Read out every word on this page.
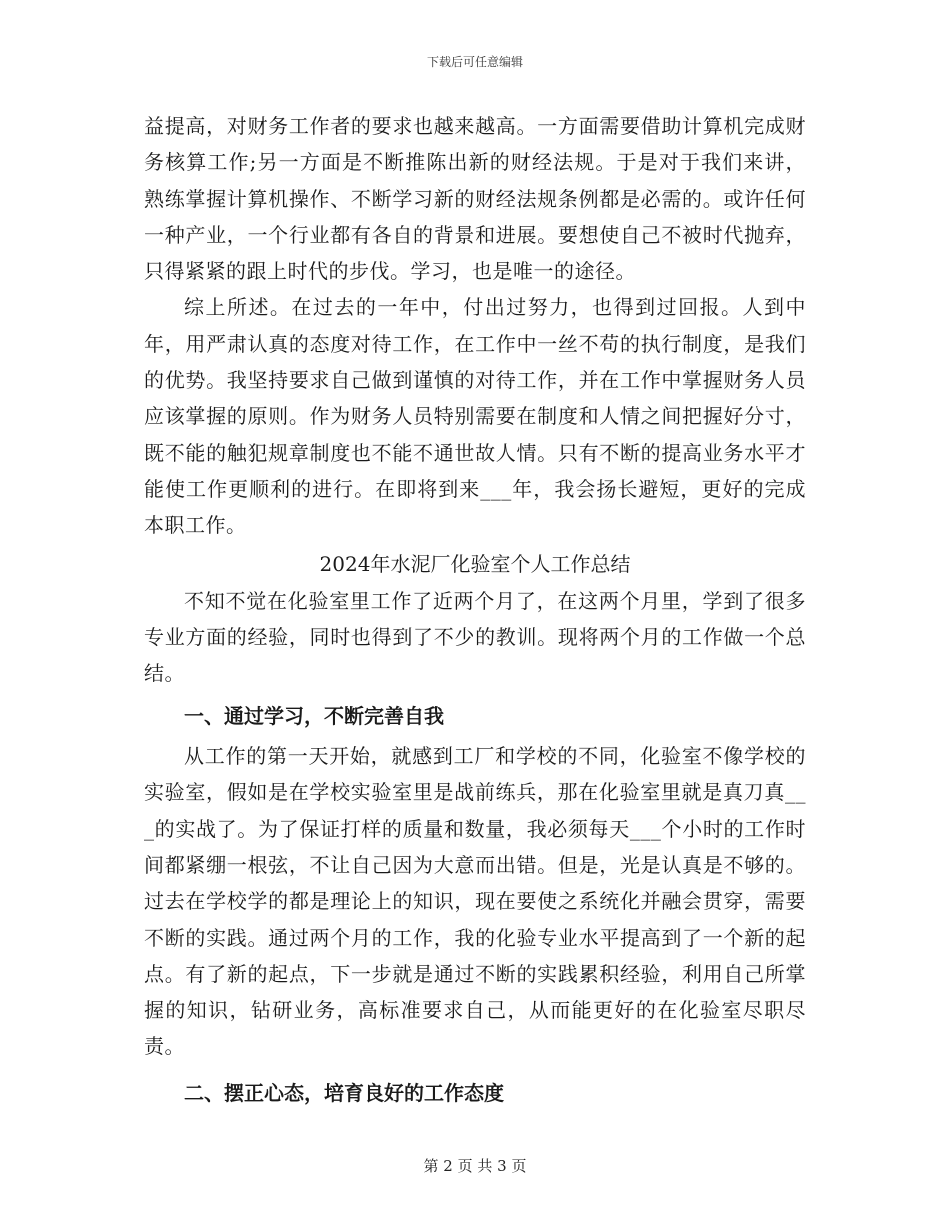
下载后可任意编辑

益提高，对财务工作者的要求也越来越高。一方面需要借助计算机完成财务核算工作;另一方面是不断推陈出新的财经法规。于是对于我们来讲，熟练掌握计算机操作、不断学习新的财经法规条例都是必需的。或许任何一种产业，一个行业都有各自的背景和进展。要想使自己不被时代抛弃，只得紧紧的跟上时代的步伐。学习，也是唯一的途径。

综上所述。在过去的一年中，付出过努力，也得到过回报。人到中年，用严肃认真的态度对待工作，在工作中一丝不苟的执行制度，是我们的优势。我坚持要求自己做到谨慎的对待工作，并在工作中掌握财务人员应该掌握的原则。作为财务人员特别需要在制度和人情之间把握好分寸，既不能的触犯规章制度也不能不通世故人情。只有不断的提高业务水平才能使工作更顺利的进行。在即将到来___年，我会扬长避短，更好的完成本职工作。

2024年水泥厂化验室个人工作总结

不知不觉在化验室里工作了近两个月了，在这两个月里，学到了很多专业方面的经验，同时也得到了不少的教训。现将两个月的工作做一个总结。

一、通过学习，不断完善自我

从工作的第一天开始，就感到工厂和学校的不同，化验室不像学校的实验室，假如是在学校实验室里是战前练兵，那在化验室里就是真刀真___的实战了。为了保证打样的质量和数量，我必须每天___个小时的工作时间都紧绷一根弦，不让自己因为大意而出错。但是，光是认真是不够的。过去在学校学的都是理论上的知识，现在要使之系统化并融会贯穿，需要不断的实践。通过两个月的工作，我的化验专业水平提高到了一个新的起点。有了新的起点，下一步就是通过不断的实践累积经验，利用自己所掌握的知识，钻研业务，高标准要求自己，从而能更好的在化验室尽职尽责。

二、摆正心态，培育良好的工作态度
第 2 页 共 3 页
